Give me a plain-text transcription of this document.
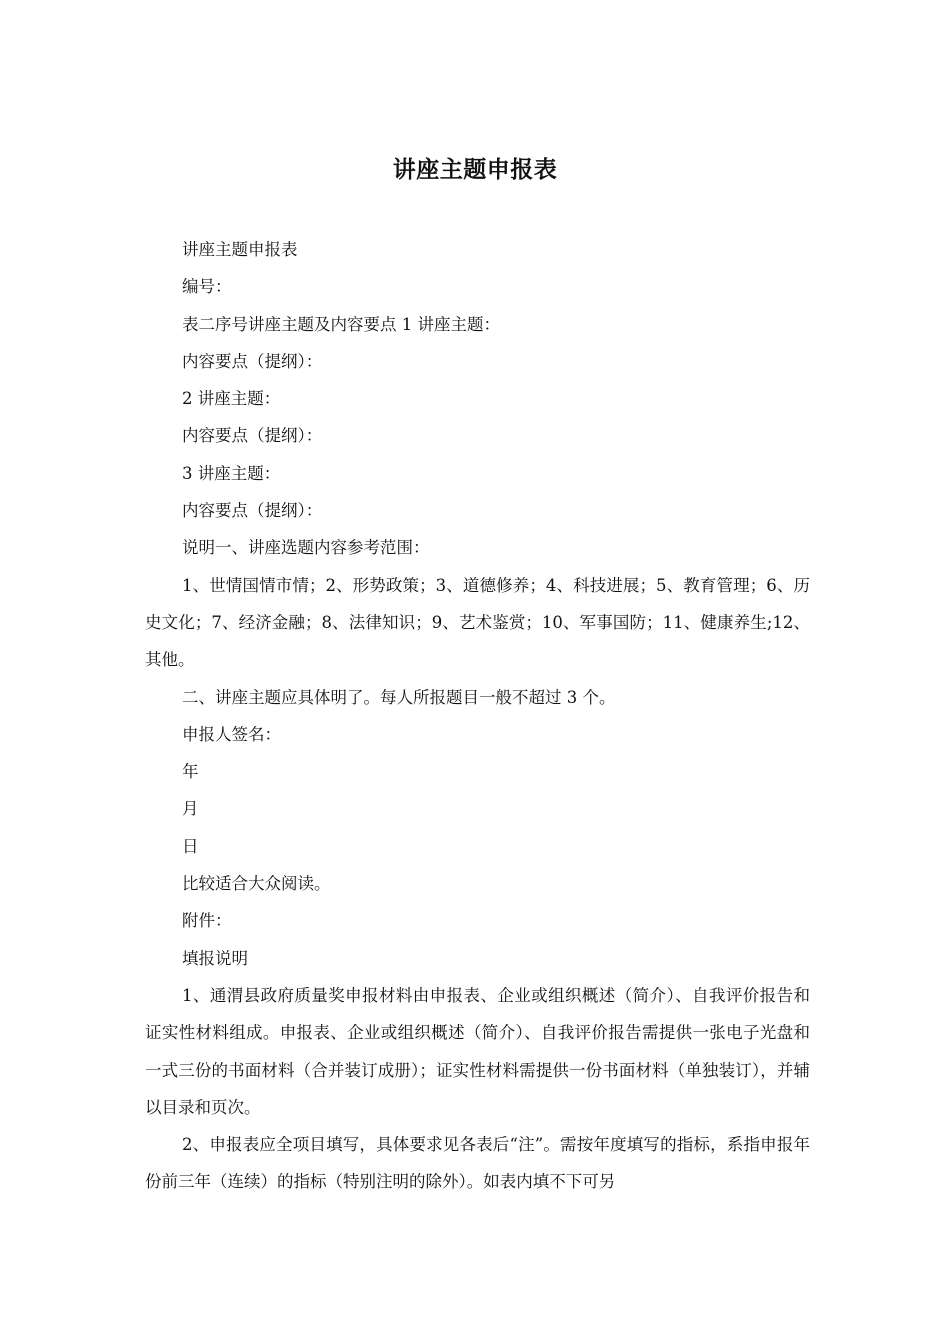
讲座主题申报表

讲座主题申报表

编号：

表二序号讲座主题及内容要点 1 讲座主题：

内容要点（提纲）：

2 讲座主题：

内容要点（提纲）：

3 讲座主题：

内容要点（提纲）：

说明一、讲座选题内容参考范围：

1、世情国情市情；2、形势政策；3、道德修养；4、科技进展；5、教育管理；6、历史文化；7、经济金融；8、法律知识；9、艺术鉴赏；10、军事国防；11、健康养生;12、其他。

二、讲座主题应具体明了。每人所报题目一般不超过 3 个。

申报人签名：

年

月

日

比较适合大众阅读。

附件：

填报说明

1、通渭县政府质量奖申报材料由申报表、企业或组织概述（简介）、自我评价报告和证实性材料组成。申报表、企业或组织概述（简介）、自我评价报告需提供一张电子光盘和一式三份的书面材料（合并装订成册）；证实性材料需提供一份书面材料（单独装订），并辅以目录和页次。

2、申报表应全项目填写，具体要求见各表后“注”。需按年度填写的指标，系指申报年份前三年（连续）的指标（特别注明的除外）。如表内填不下可另
